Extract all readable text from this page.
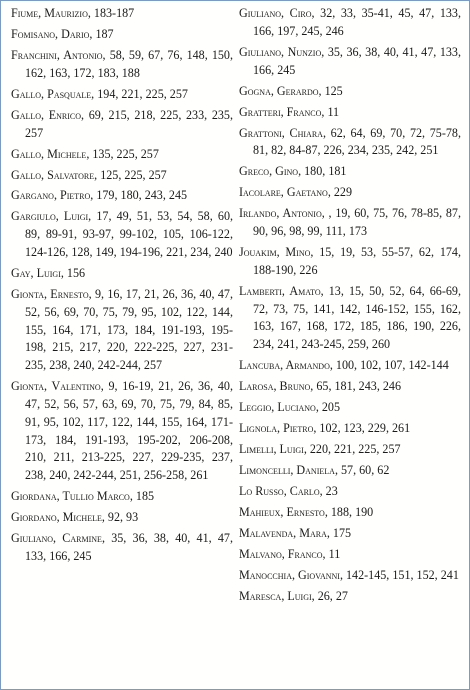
Fiume, Maurizio, 183-187
Fomisano, Dario, 187
Franchini, Antonio, 58, 59, 67, 76, 148, 150, 162, 163, 172, 183, 188
Gallo, Pasquale, 194, 221, 225, 257
Gallo, Enrico, 69, 215, 218, 225, 233, 235, 257
Gallo, Michele, 135, 225, 257
Gallo, Salvatore, 125, 225, 257
Gargano, Pietro, 179, 180, 243, 245
Gargiulo, Luigi, 17, 49, 51, 53, 54, 58, 60, 89, 89-91, 93-97, 99-102, 105, 106-122, 124-126, 128, 149, 194-196, 221, 234, 240
Gay, Luigi, 156
Gionta, Ernesto, 9, 16, 17, 21, 26, 36, 40, 47, 52, 56, 69, 70, 75, 79, 95, 102, 122, 144, 155, 164, 171, 173, 184, 191-193, 195-198, 215, 217, 220, 222-225, 227, 231-235, 238, 240, 242-244, 257
Gionta, Valentino, 9, 16-19, 21, 26, 36, 40, 47, 52, 56, 57, 63, 69, 70, 75, 79, 84, 85, 91, 95, 102, 117, 122, 144, 155, 164, 171-173, 184, 191-193, 195-202, 206-208, 210, 211, 213-225, 227, 229-235, 237, 238, 240, 242-244, 251, 256-258, 261
Giordana, Tullio Marco, 185
Giordano, Michele, 92, 93
Giuliano, Carmine, 35, 36, 38, 40, 41, 47, 133, 166, 245
Giuliano, Ciro, 32, 33, 35-41, 45, 47, 133, 166, 197, 245, 246
Giuliano, Nunzio, 35, 36, 38, 40, 41, 47, 133, 166, 245
Gogna, Gerardo, 125
Gratteri, Franco, 11
Grattoni, Chiara, 62, 64, 69, 70, 72, 75-78, 81, 82, 84-87, 226, 234, 235, 242, 251
Greco, Gino, 180, 181
Iacolare, Gaetano, 229
Irlando, Antonio, , 19, 60, 75, 76, 78-85, 87, 90, 96, 98, 99, 111, 173
Jouakim, Mino, 15, 19, 53, 55-57, 62, 174, 188-190, 226
Lamberti, Amato, 13, 15, 50, 52, 64, 66-69, 72, 73, 75, 141, 142, 146-152, 155, 162, 163, 167, 168, 172, 185, 186, 190, 226, 234, 241, 243-245, 259, 260
Lancuba, Armando, 100, 102, 107, 142-144
Larosa, Bruno, 65, 181, 243, 246
Leggio, Luciano, 205
Lignola, Pietro, 102, 123, 229, 261
Limelli, Luigi, 220, 221, 225, 257
Limoncelli, Daniela, 57, 60, 62
Lo Russo, Carlo, 23
Mahieux, Ernesto, 188, 190
Malavenda, Mara, 175
Malvano, Franco, 11
Manocchia, Giovanni, 142-145, 151, 152, 241
Maresca, Luigi, 26, 27
